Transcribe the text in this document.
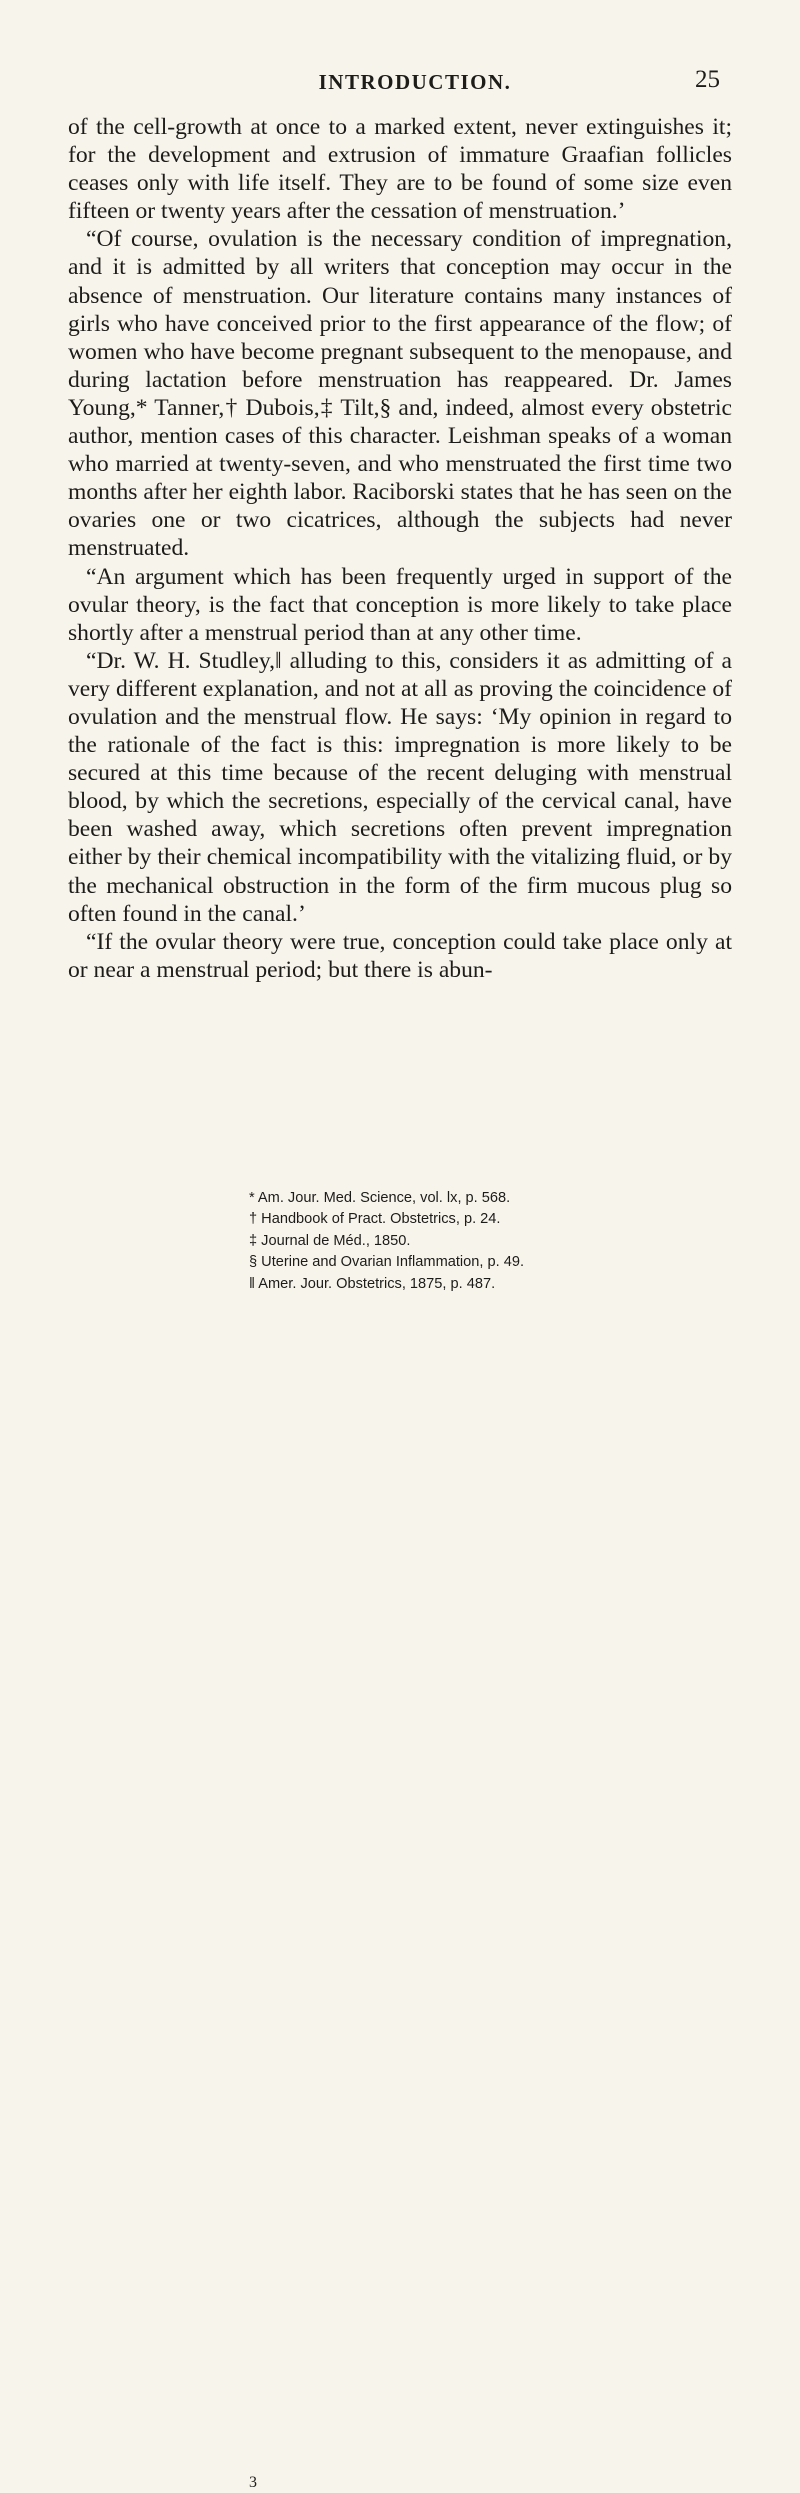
INTRODUCTION.	25

of the cell-growth at once to a marked extent, never extinguishes it; for the development and extrusion of immature Graafian follicles ceases only with life itself. They are to be found of some size even fifteen or twenty years after the cessation of menstruation.’

“Of course, ovulation is the necessary condition of impregnation, and it is admitted by all writers that conception may occur in the absence of menstruation. Our literature contains many instances of girls who have conceived prior to the first appearance of the flow; of women who have become pregnant subsequent to the menopause, and during lactation before menstruation has reappeared. Dr. James Young,* Tanner,† Dubois,‡ Tilt,§ and, indeed, almost every obstetric author, mention cases of this character. Leishman speaks of a woman who married at twenty-seven, and who menstruated the first time two months after her eighth labor. Raciborski states that he has seen on the ovaries one or two cicatrices, although the subjects had never menstruated.

“An argument which has been frequently urged in support of the ovular theory, is the fact that conception is more likely to take place shortly after a menstrual period than at any other time.

“Dr. W. H. Studley,‖ alluding to this, considers it as admitting of a very different explanation, and not at all as proving the coincidence of ovulation and the menstrual flow. He says: ‘My opinion in regard to the rationale of the fact is this: impregnation is more likely to be secured at this time because of the recent deluging with menstrual blood, by which the secretions, especially of the cervical canal, have been washed away, which secretions often prevent impregnation either by their chemical incompatibility with the vitalizing fluid, or by the mechanical obstruction in the form of the firm mucous plug so often found in the canal.’

“If the ovular theory were true, conception could take place only at or near a menstrual period; but there is abun-

* Am. Jour. Med. Science, vol. lx, p. 568.
† Handbook of Pract. Obstetrics, p. 24.
‡ Journal de Méd., 1850.
§ Uterine and Ovarian Inflammation, p. 49.
‖ Amer. Jour. Obstetrics, 1875, p. 487.
3
